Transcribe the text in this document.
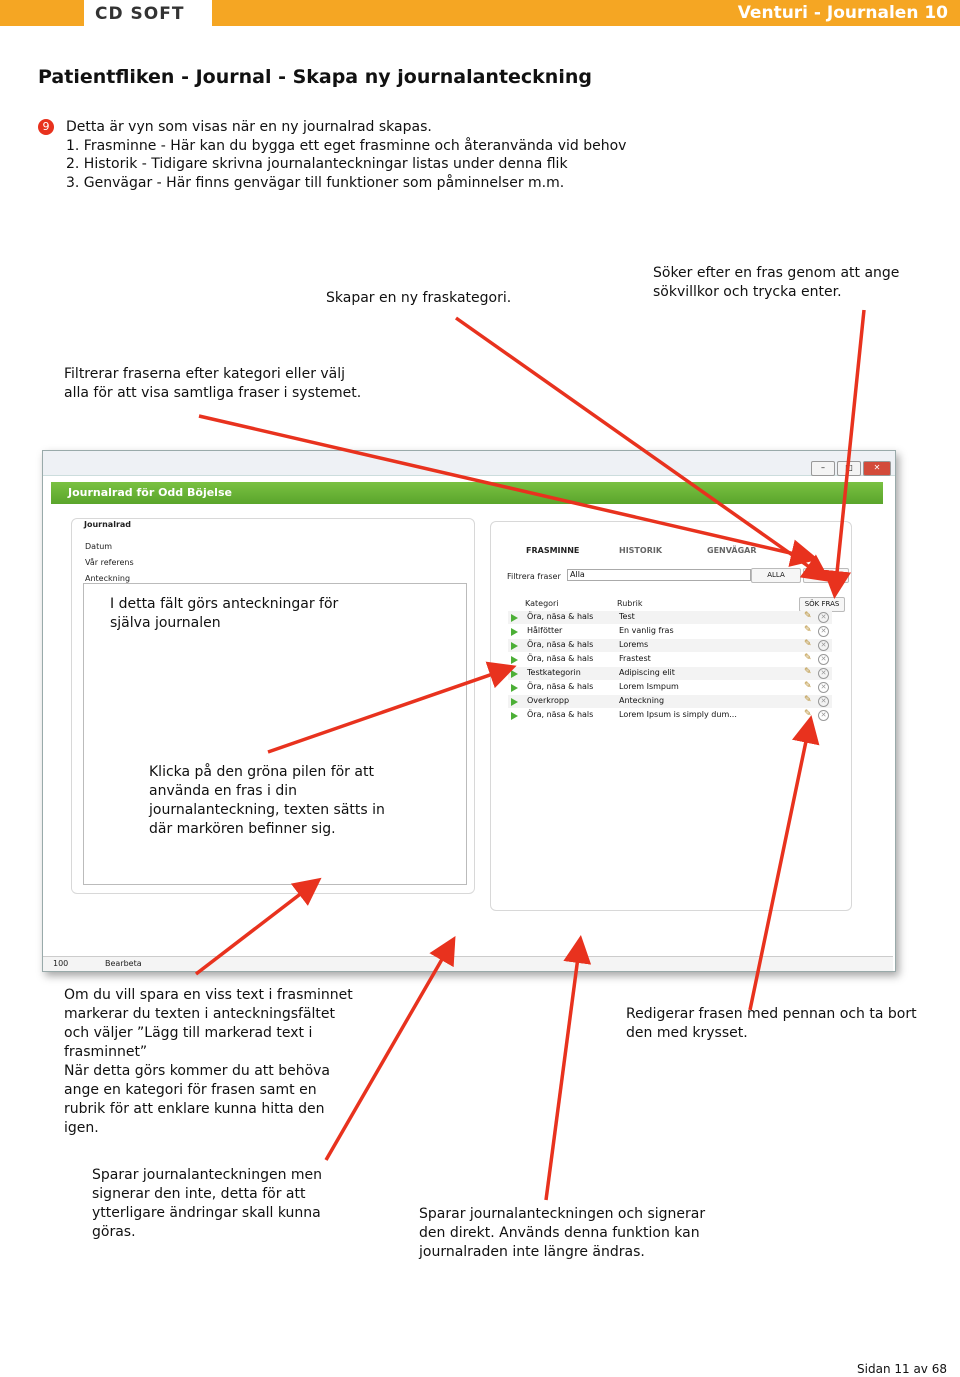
CD SOFT	Venturi - Journalen 10
Patientfliken - Journal - Skapa ny journalanteckning
9	Detta är vyn som visas när en ny journalrad skapas.
1. Frasminne - Här kan du bygga ett eget frasminne och återanvända vid behov
2. Historik - Tidigare skrivna journalanteckningar listas under denna flik
3. Genvägar - Här finns genvägar till funktioner som påminnelser m.m.
Skapar en ny fraskategori.
Söker efter en fras genom att ange
sökvillkor och trycka enter.
Filtrerar fraserna efter kategori eller välj
alla för att visa samtliga fraser i systemet.
–	□	✕
Journalrad för Odd Böjelse
Journalrad
Datum
Vår referens
Anteckning
I detta fält görs anteckningar för
själva journalen
Klicka på den gröna pilen för att
använda en fras i din
journalanteckning, texten sätts in
där markören befinner sig.
FRASMINNE	HISTORIK	GENVÄGAR
Filtrera fraser	Alla	ALLA	NY KAT
Kategori	Rubrik	SÖK FRAS
Öra, näsa & hals	Test	✎	✕
Hålfötter	En vanlig fras	✎	✕
Öra, näsa & hals	Lorems	✎	✕
Öra, näsa & hals	Frastest	✎	✕
Testkategorin	Adipiscing elit	✎	✕
Öra, näsa & hals	Lorem Ismpum	✎	✕
Overkropp	Anteckning	✎	✕
Öra, näsa & hals	Lorem Ipsum is simply dum...	✎	✕
100	Bearbeta
Om du vill spara en viss text i frasminnet
markerar du texten i anteckningsfältet
och väljer ”Lägg till markerad text i
frasminnet”
När detta görs kommer du att behöva
ange en kategori för frasen samt en
rubrik för att enklare kunna hitta den
igen.
Redigerar frasen med pennan och ta bort
den med krysset.
Sparar journalanteckningen men
signerar den inte, detta för att
ytterligare ändringar skall kunna
göras.
Sparar journalanteckningen och signerar
den direkt. Används denna funktion kan
journalraden inte längre ändras.
Sidan 11 av 68
